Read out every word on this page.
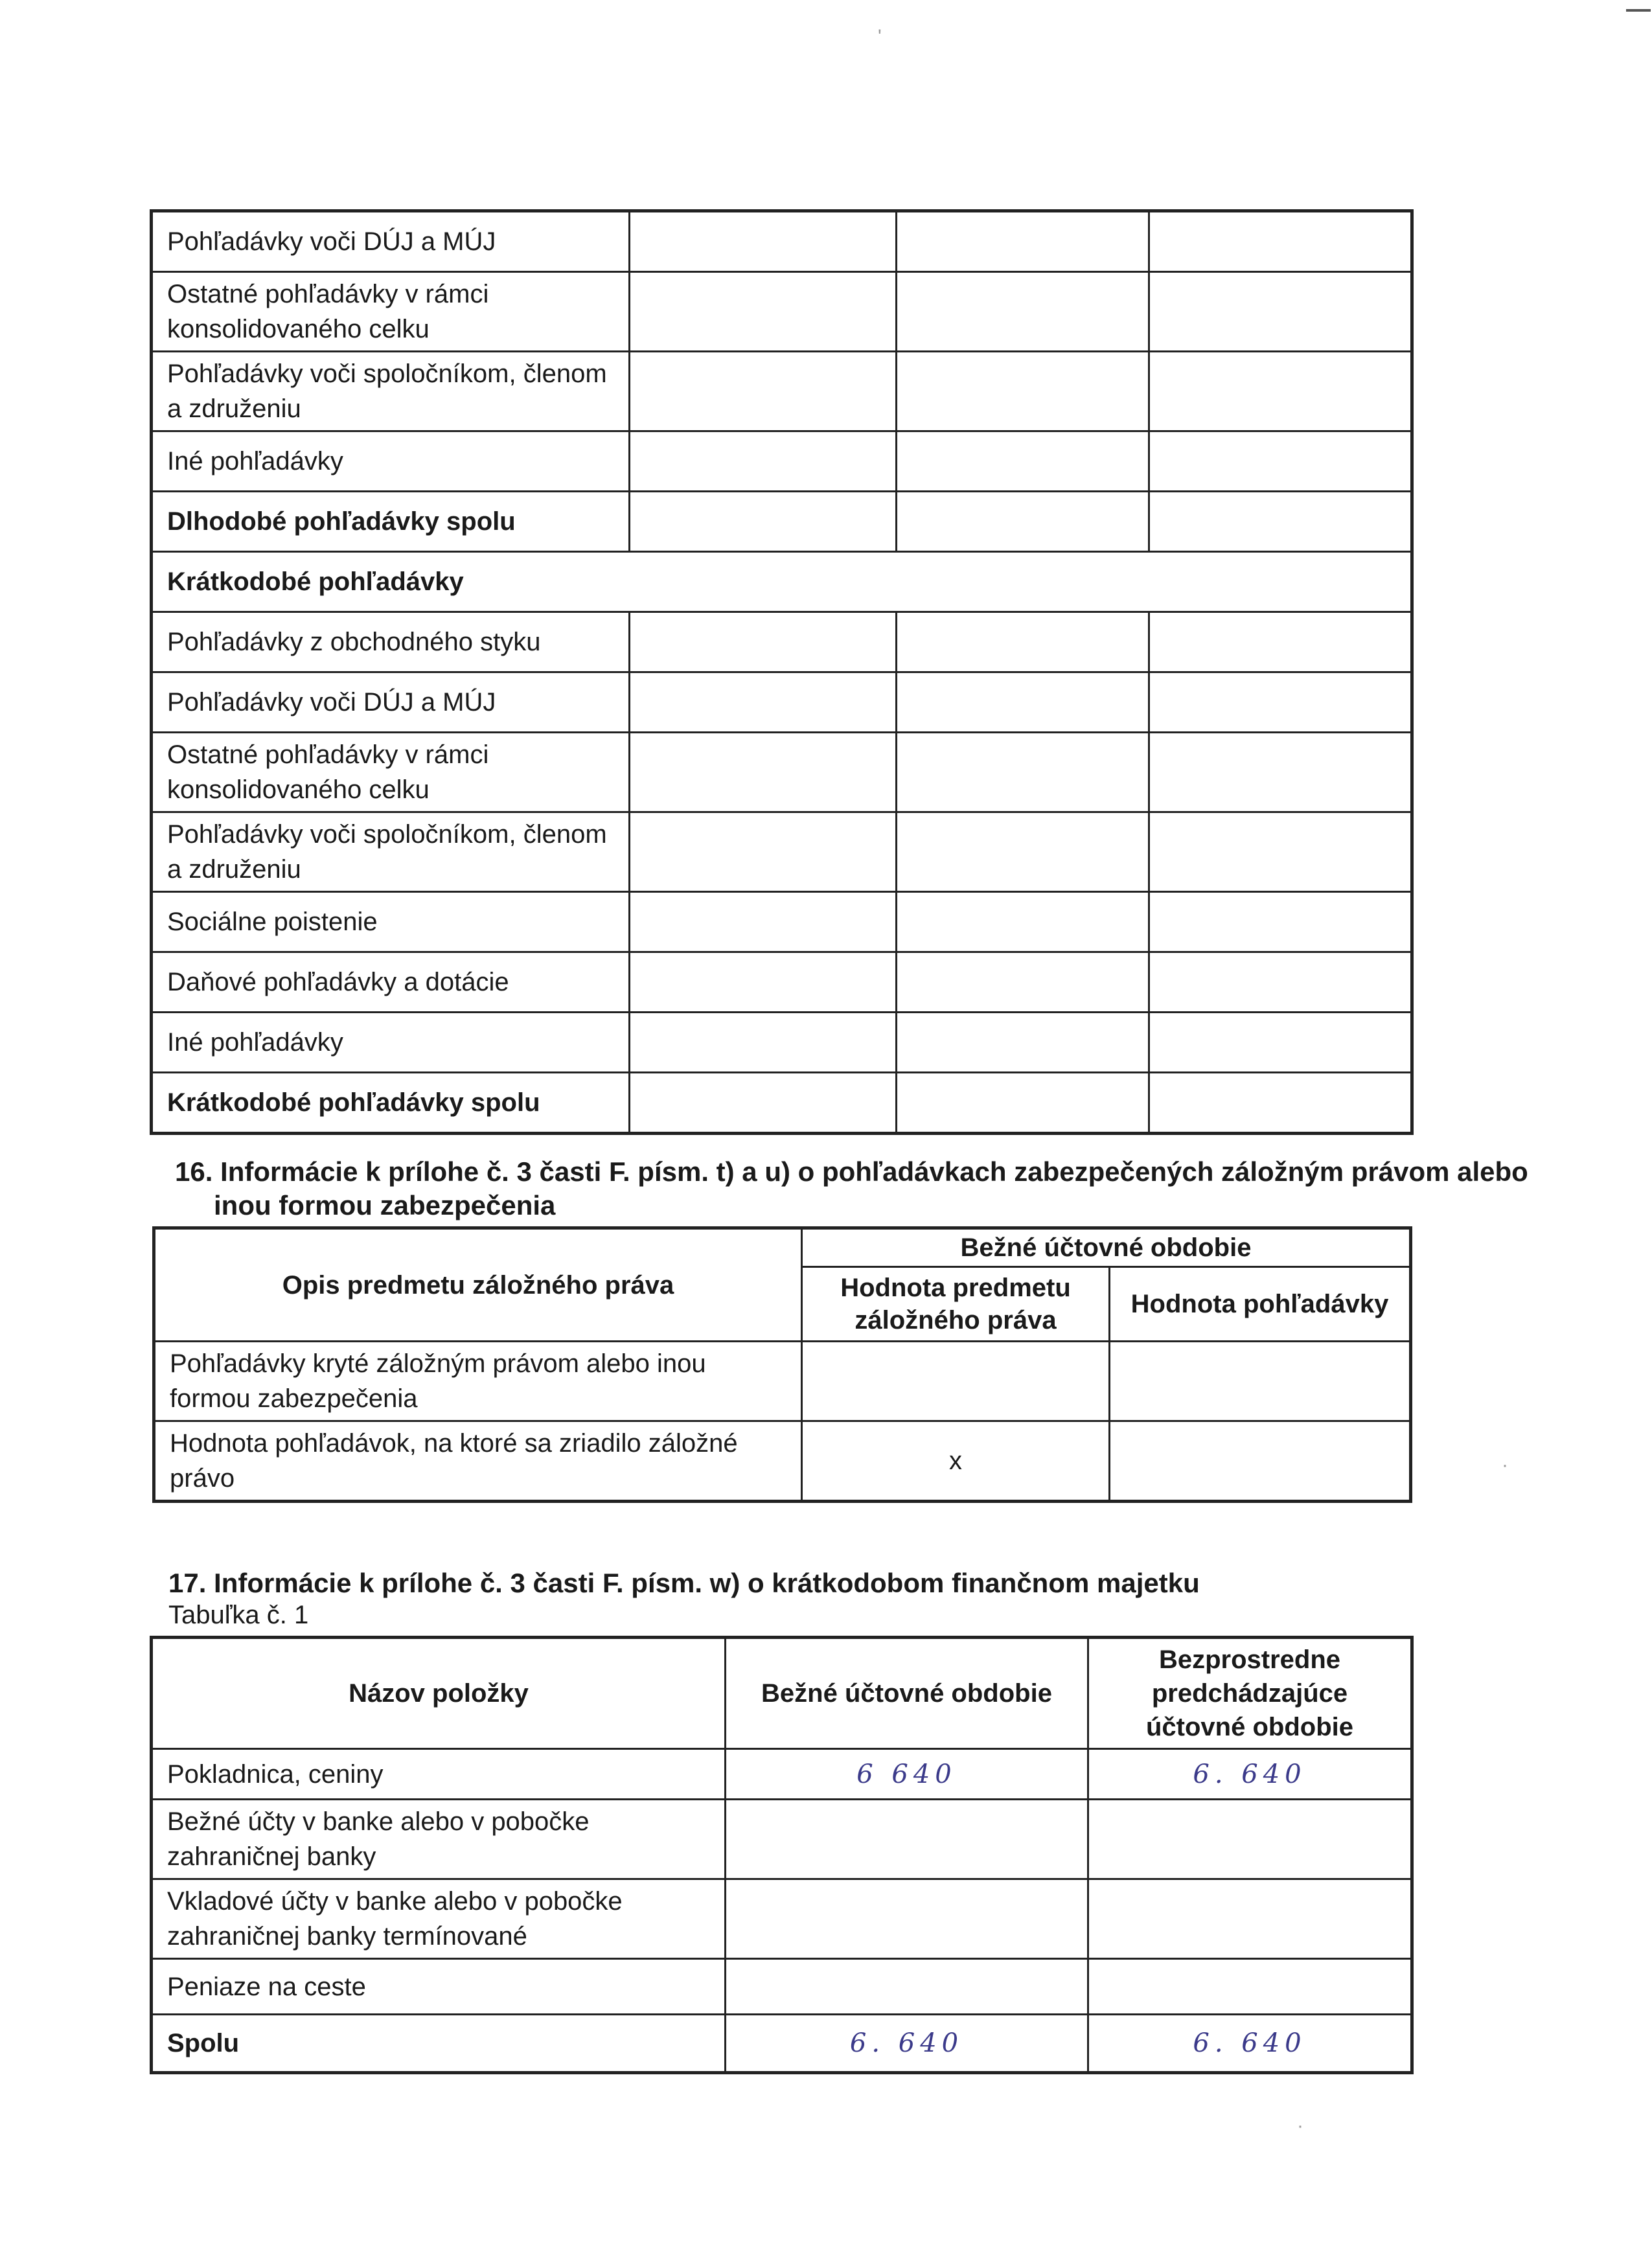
Pohľadávky voči DÚJ a MÚJ			
Ostatné pohľadávky v rámci konsolidovaného celku			
Pohľadávky voči spoločníkom, členom a združeniu			
Iné pohľadávky			
Dlhodobé pohľadávky spolu			
Krátkodobé pohľadávky			
Pohľadávky z obchodného styku			
Pohľadávky voči DÚJ a MÚJ			
Ostatné pohľadávky v rámci konsolidovaného celku			
Pohľadávky voči spoločníkom, členom a združeniu			
Sociálne poistenie			
Daňové pohľadávky a dotácie			
Iné pohľadávky			
Krátkodobé pohľadávky spolu			
16. Informácie k prílohe č. 3 časti F. písm. t) a u) o pohľadávkach zabezpečených záložným právom alebo
inou formou zabezpečenia
Opis predmetu záložného práva	Bežné účtovné obdobie	
	Hodnota predmetu záložného práva	Hodnota pohľadávky
Pohľadávky kryté záložným právom alebo inou formou zabezpečenia		
Hodnota pohľadávok, na ktoré sa zriadilo záložné právo	x	
17. Informácie k prílohe č. 3 časti F. písm. w) o krátkodobom finančnom majetku
Tabuľka č. 1
Názov položky	Bežné účtovné obdobie	Bezprostredne predchádzajúce účtovné obdobie
Pokladnica, ceniny	6 640	6. 640
Bežné účty v banke alebo v pobočke zahraničnej banky		
Vkladové účty v banke alebo v pobočke zahraničnej banky termínované		
Peniaze na ceste		
Spolu	6. 640	6. 640
'
·
·
